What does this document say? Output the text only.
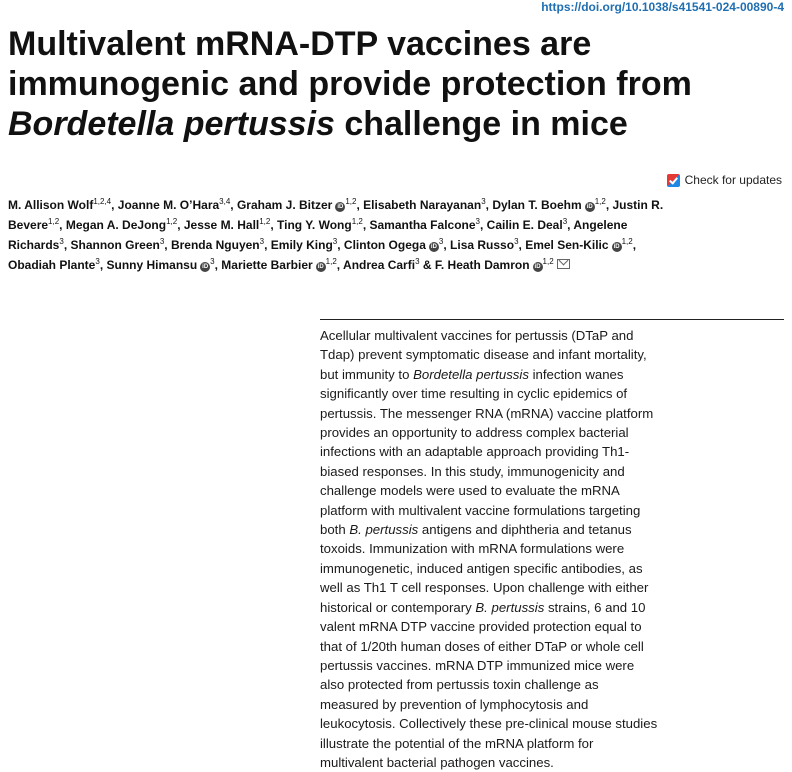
https://doi.org/10.1038/s41541-024-00890-4
Multivalent mRNA-DTP vaccines are immunogenic and provide protection from Bordetella pertussis challenge in mice
Check for updates
M. Allison Wolf$^{1,2,4}$, Joanne M. O’Hara$^{3,4}$, Graham J. Bitzer iD$^{1,2}$, Elisabeth Narayanan$^3$, Dylan T. Boehm iD$^{1,2}$, Justin R. Bevere$^{1,2}$, Megan A. DeJong$^{1,2}$, Jesse M. Hall$^{1,2}$, Ting Y. Wong$^{1,2}$, Samantha Falcone$^3$, Cailin E. Deal$^3$, Angelene Richards$^3$, Shannon Green$^3$, Brenda Nguyen$^3$, Emily King$^3$, Clinton Ogega $iD^3$, Lisa Russo$^3$, Emel Sen-Kilic iD$^{1,2}$, Obadiah Plante$^3$, Sunny Himansu $iD^3$, Mariette Barbier iD$^{1,2}$, Andrea Carfi$^3$ & F. Heath Damron iD$^{1,2}$

Acellular multivalent vaccines for pertussis (DTaP and Tdap) prevent symptomatic disease and infant mortality, but immunity to Bordetella pertussis infection wanes significantly over time resulting in cyclic epidemics of pertussis. The messenger RNA (mRNA) vaccine platform provides an opportunity to address complex bacterial infections with an adaptable approach providing Th1-biased responses. In this study, immunogenicity and challenge models were used to evaluate the mRNA platform with multivalent vaccine formulations targeting both B. pertussis antigens and diphtheria and tetanus toxoids. Immunization with mRNA formulations were immunogenetic, induced antigen specific antibodies, as well as Th1 T cell responses. Upon challenge with either historical or contemporary B. pertussis strains, 6 and 10 valent mRNA DTP vaccine provided protection equal to that of 1/20th human doses of either DTaP or whole cell pertussis vaccines. mRNA DTP immunized mice were also protected from pertussis toxin challenge as measured by prevention of lymphocytosis and leukocytosis. Collectively these pre-clinical mouse studies illustrate the potential of the mRNA platform for multivalent bacterial pathogen vaccines.
